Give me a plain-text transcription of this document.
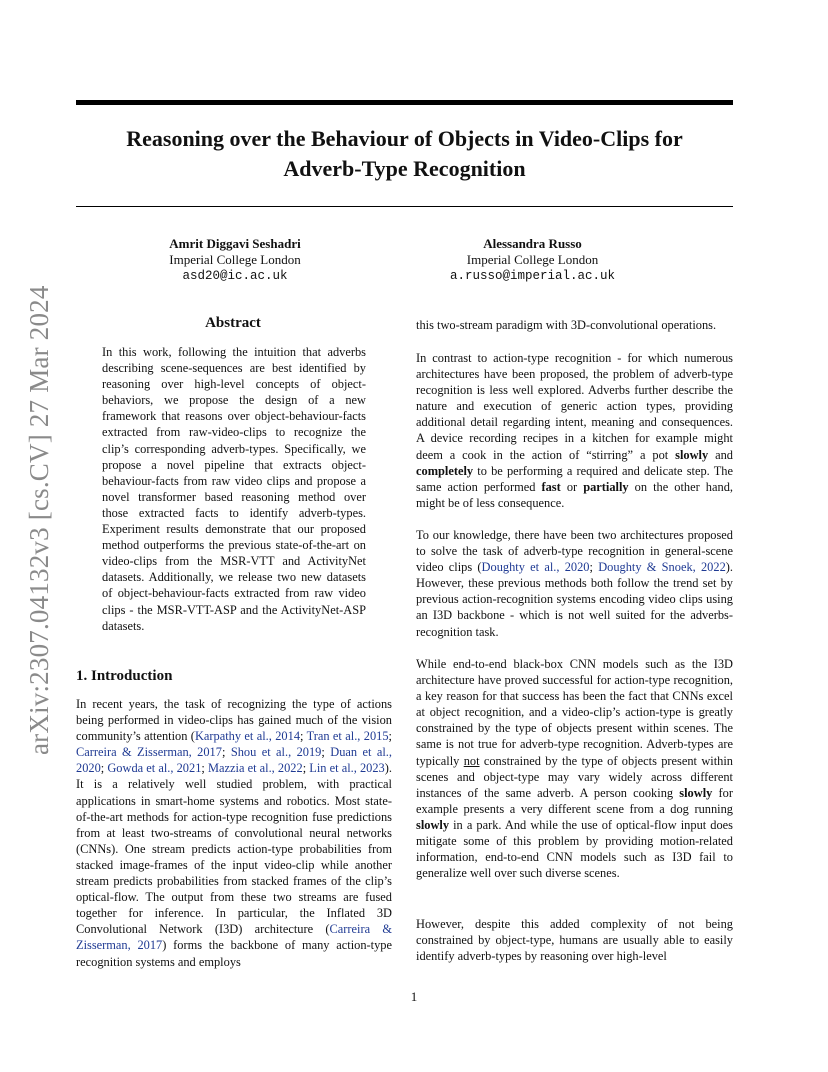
arXiv:2307.04132v3 [cs.CV] 27 Mar 2024
Reasoning over the Behaviour of Objects in Video-Clips for
Adverb-Type Recognition
Amrit Diggavi Seshadri
Imperial College London
asd20@ic.ac.uk
Alessandra Russo
Imperial College London
a.russo@imperial.ac.uk
Abstract

In this work, following the intuition that adverbs describing scene-sequences are best identified by reasoning over high-level concepts of object-behaviors, we propose the design of a new framework that reasons over object-behaviour-facts extracted from raw-video-clips to recognize the clip’s corresponding adverb-types. Specifically, we propose a novel pipeline that extracts object-behaviour-facts from raw video clips and propose a novel transformer based reasoning method over those extracted facts to identify adverb-types. Experiment results demonstrate that our proposed method outperforms the previous state-of-the-art on video-clips from the MSR-VTT and ActivityNet datasets. Additionally, we release two new datasets of object-behaviour-facts extracted from raw video clips - the MSR-VTT-ASP and the ActivityNet-ASP datasets.

1. Introduction

In recent years, the task of recognizing the type of actions being performed in video-clips has gained much of the vision community’s attention (Karpathy et al., 2014; Tran et al., 2015; Carreira & Zisserman, 2017; Shou et al., 2019; Duan et al., 2020; Gowda et al., 2021; Mazzia et al., 2022; Lin et al., 2023). It is a relatively well studied problem, with practical applications in smart-home systems and robotics. Most state-of-the-art methods for action-type recognition fuse predictions from at least two-streams of convolutional neural networks (CNNs). One stream predicts action-type probabilities from stacked image-frames of the input video-clip while another stream predicts probabilities from stacked frames of the clip’s optical-flow. The output from these two streams are fused together for inference. In particular, the Inflated 3D Convolutional Network (I3D) architecture (Carreira & Zisserman, 2017) forms the backbone of many action-type recognition systems and employs

this two-stream paradigm with 3D-convolutional operations.

In contrast to action-type recognition - for which numerous architectures have been proposed, the problem of adverb-type recognition is less well explored. Adverbs further describe the nature and execution of generic action types, providing additional detail regarding intent, meaning and consequences. A device recording recipes in a kitchen for example might deem a cook in the action of “stirring” a pot slowly and completely to be performing a required and delicate step. The same action performed fast or partially on the other hand, might be of less consequence.

To our knowledge, there have been two architectures proposed to solve the task of adverb-type recognition in general-scene video clips (Doughty et al., 2020; Doughty & Snoek, 2022). However, these previous methods both follow the trend set by previous action-recognition systems encoding video clips using an I3D backbone - which is not well suited for the adverbs-recognition task.

While end-to-end black-box CNN models such as the I3D architecture have proved successful for action-type recognition, a key reason for that success has been the fact that CNNs excel at object recognition, and a video-clip’s action-type is greatly constrained by the type of objects present within scenes. The same is not true for adverb-type recognition. Adverb-types are typically not constrained by the type of objects present within scenes and object-type may vary widely across different instances of the same adverb. A person cooking slowly for example presents a very different scene from a dog running slowly in a park. And while the use of optical-flow input does mitigate some of this problem by providing motion-related information, end-to-end CNN models such as I3D fail to generalize well over such diverse scenes.

However, despite this added complexity of not being constrained by object-type, humans are usually able to easily identify adverb-types by reasoning over high-level

1
